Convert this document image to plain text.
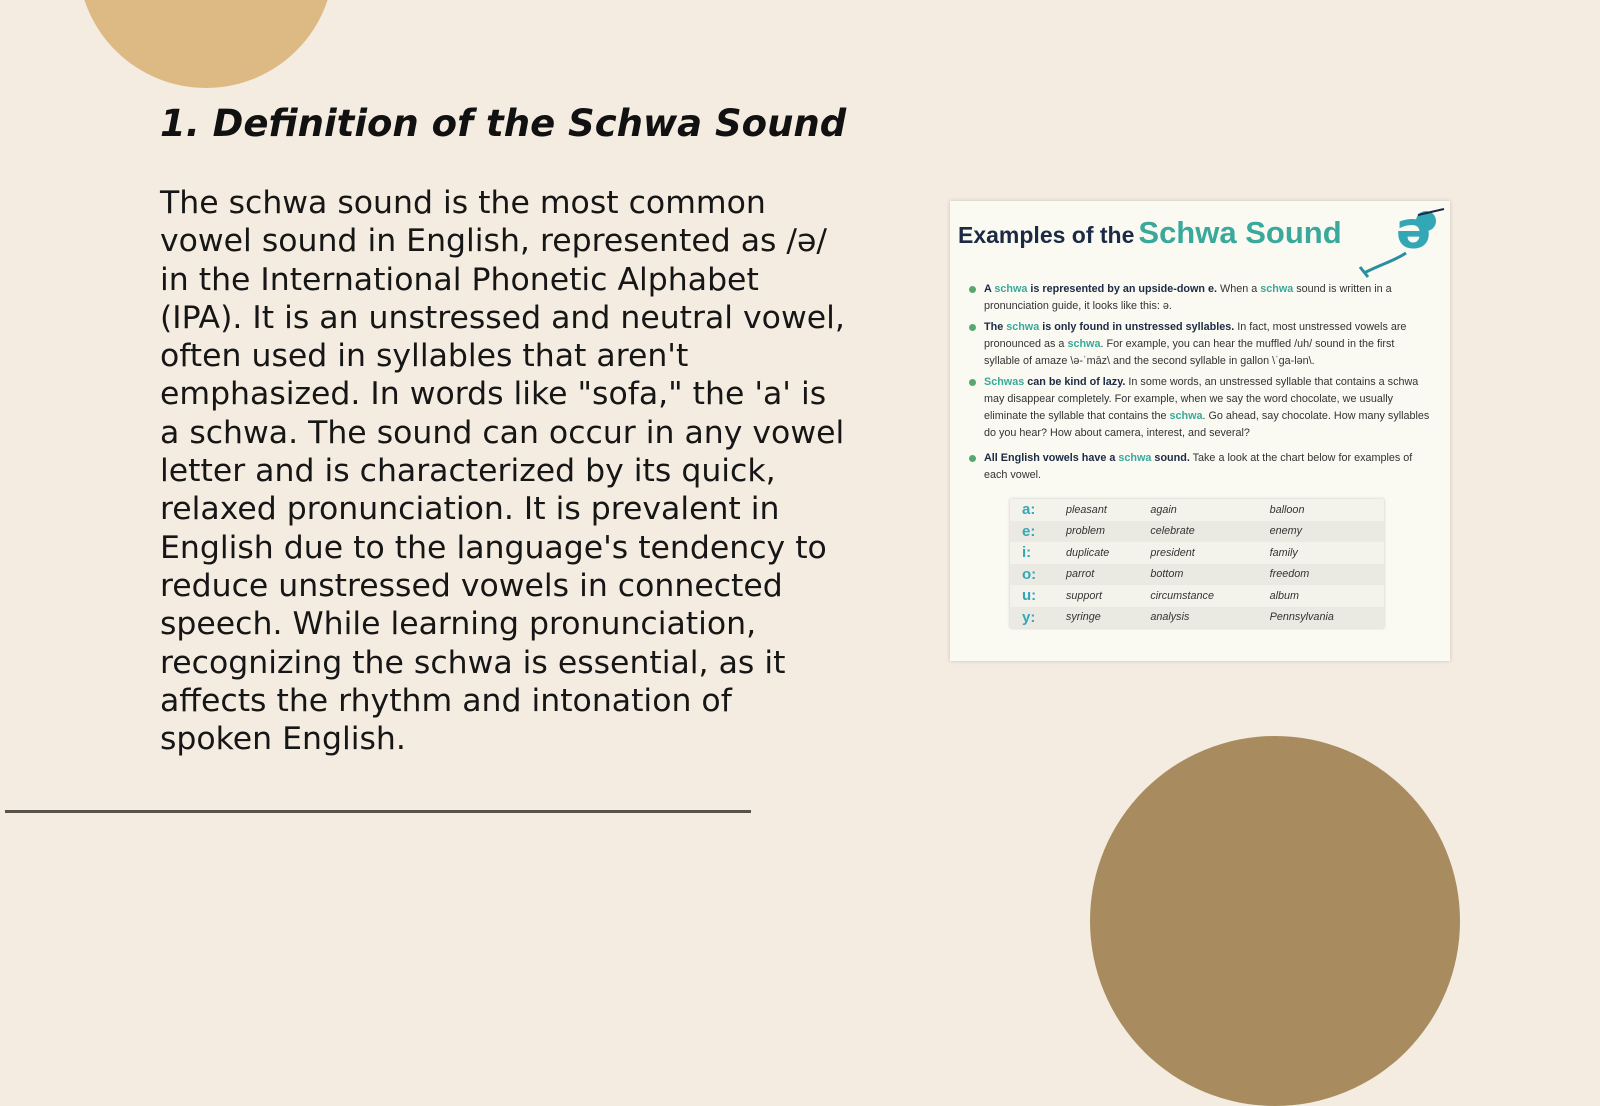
1. Definition of the Schwa Sound

The schwa sound is the most common vowel sound in English, represented as /ə/ in the International Phonetic Alphabet (IPA). It is an unstressed and neutral vowel, often used in syllables that aren't emphasized. In words like "sofa," the 'a' is a schwa. The sound can occur in any vowel letter and is characterized by its quick, relaxed pronunciation. It is prevalent in English due to the language's tendency to reduce unstressed vowels in connected speech. While learning pronunciation, recognizing the schwa is essential, as it affects the rhythm and intonation of spoken English.

Examples of the Schwa Sound ə
A schwa is represented by an upside-down e. When a schwa sound is written in a pronunciation guide, it looks like this: ə.
The schwa is only found in unstressed syllables. In fact, most unstressed vowels are pronounced as a schwa. For example, you can hear the muffled /uh/ sound in the first syllable of amaze \ə-ˈmāz\ and the second syllable in gallon \ˈga-lən\.
Schwas can be kind of lazy. In some words, an unstressed syllable that contains a schwa may disappear completely. For example, when we say the word chocolate, we usually eliminate the syllable that contains the schwa. Go ahead, say chocolate. How many syllables do you hear? How about camera, interest, and several?
All English vowels have a schwa sound. Take a look at the chart below for examples of each vowel.
a:	pleasant	again	balloon
e:	problem	celebrate	enemy
i:	duplicate	president	family
o:	parrot	bottom	freedom
u:	support	circumstance	album
y:	syringe	analysis	Pennsylvania
